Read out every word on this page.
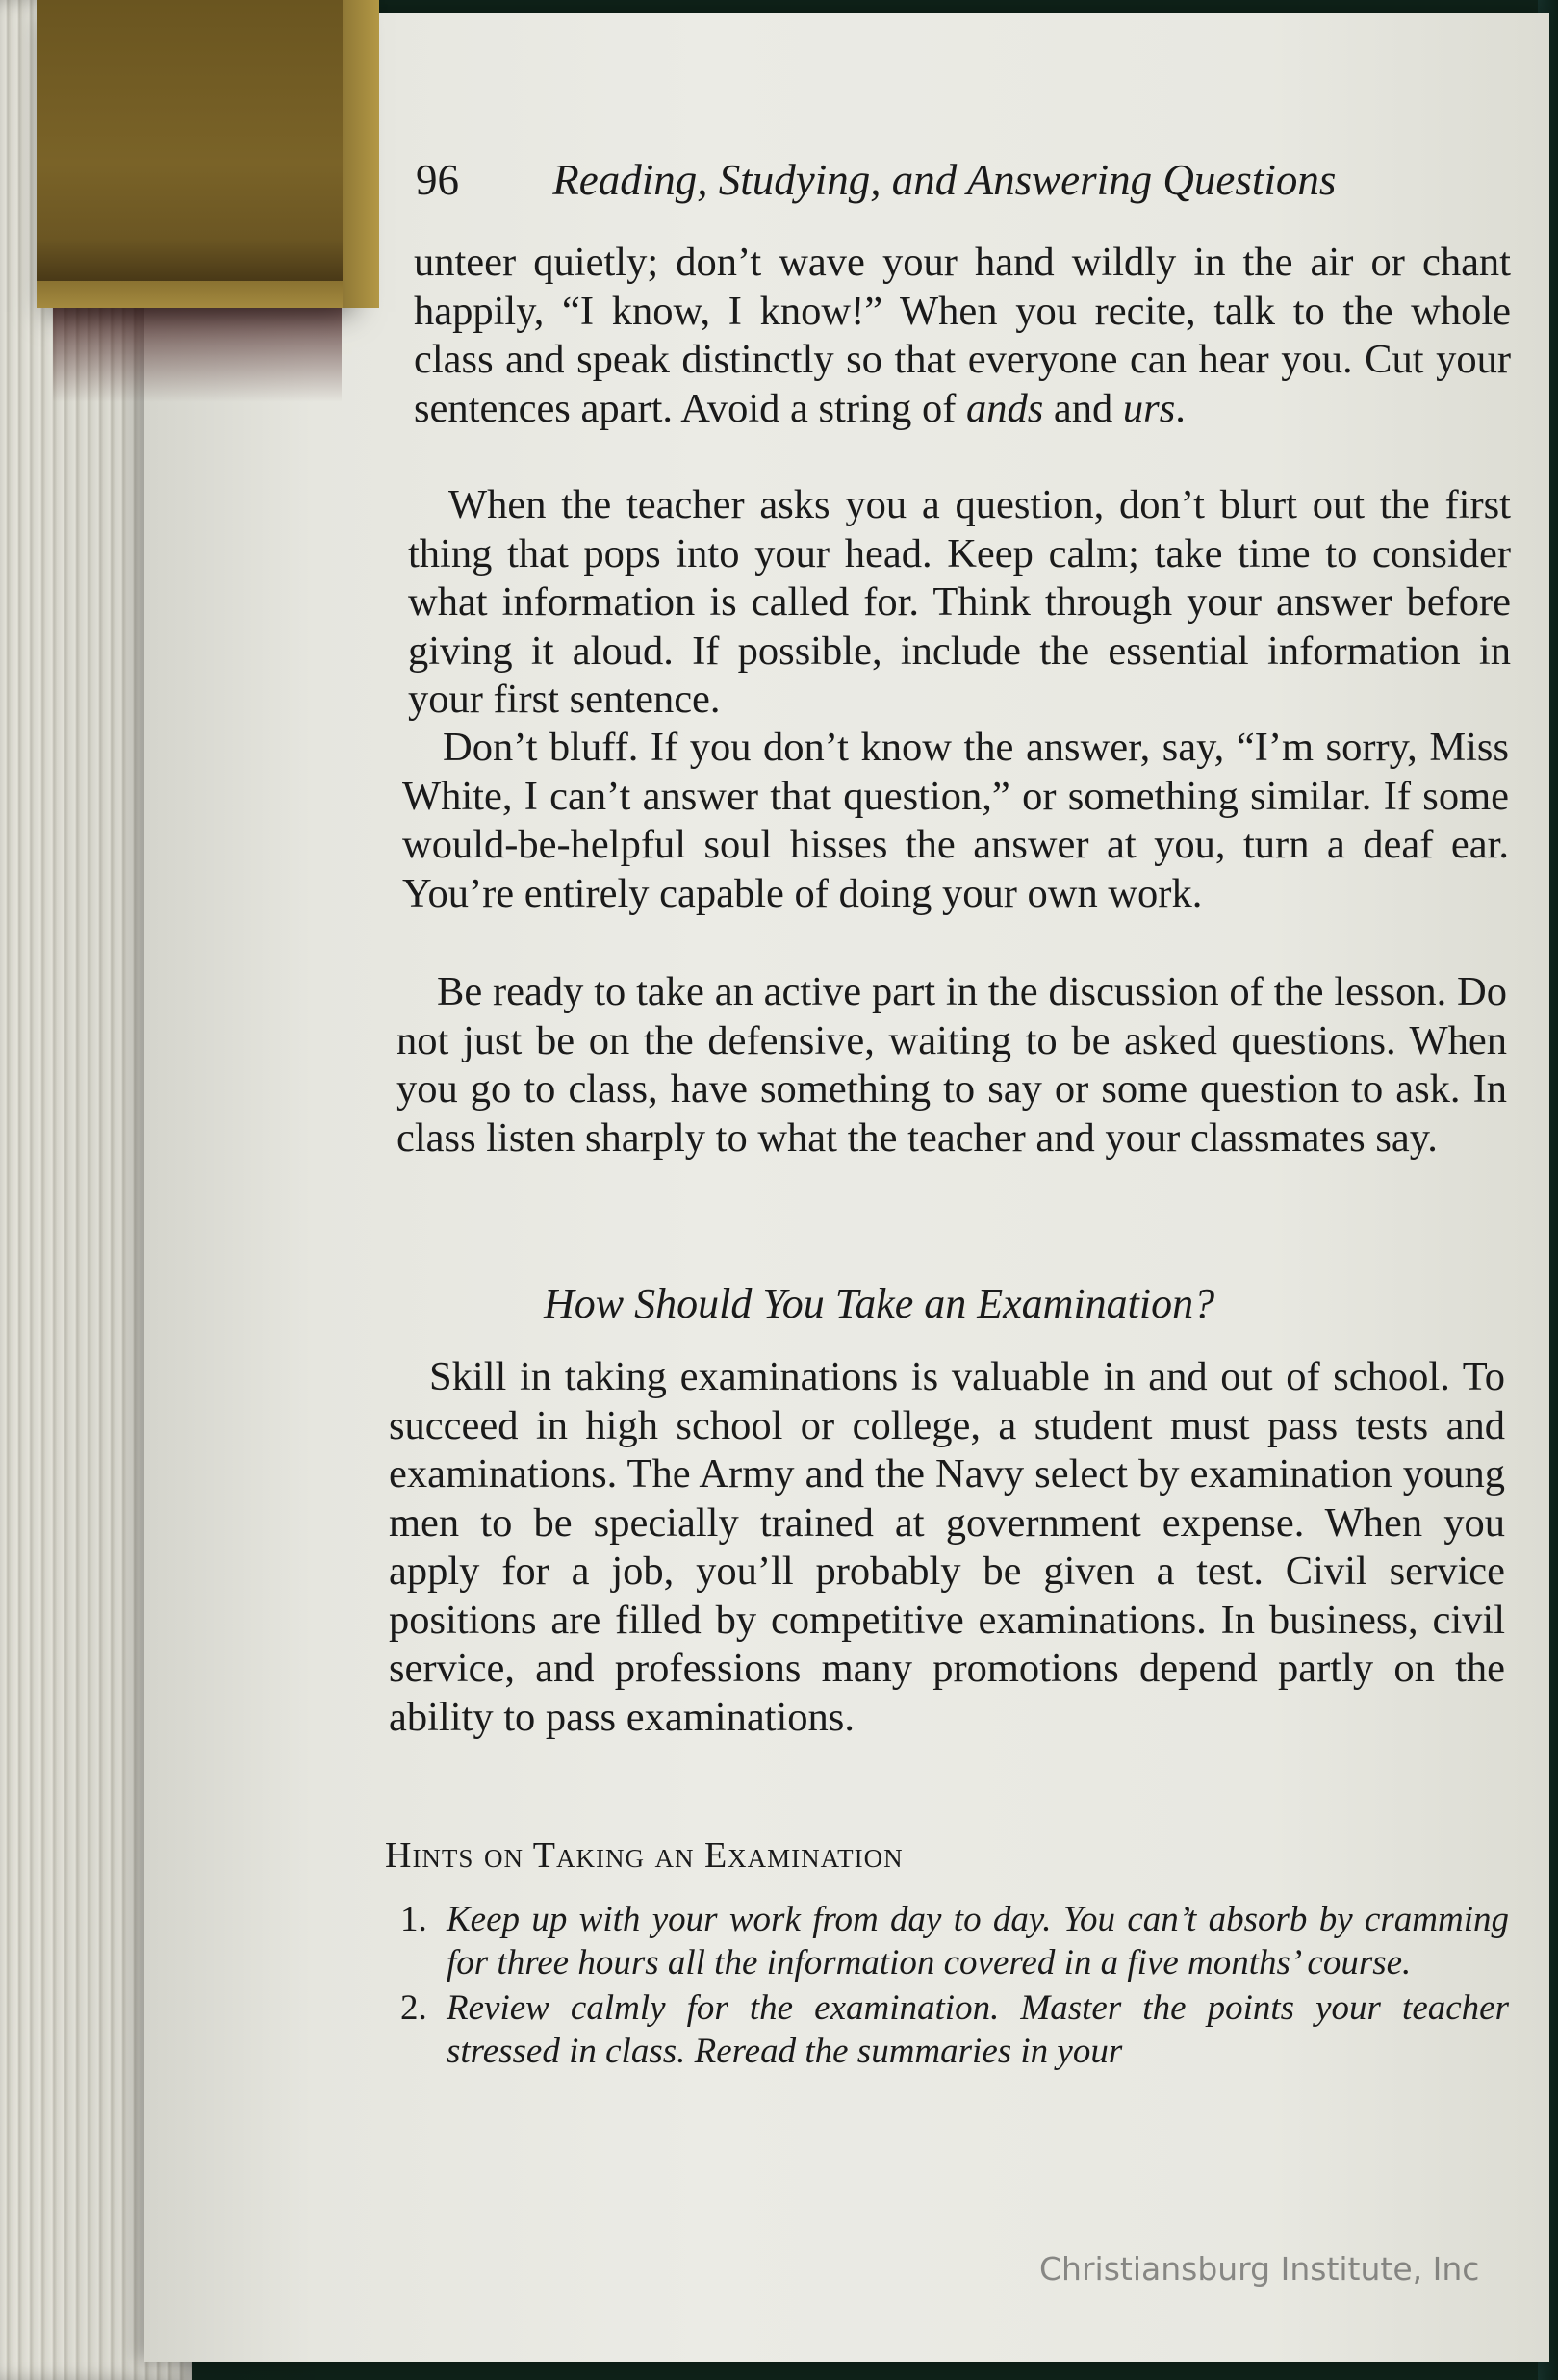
96 Reading, Studying, and Answering Questions

unteer quietly; don’t wave your hand wildly in the air or chant happily, “I know, I know!” When you recite, talk to the whole class and speak distinctly so that everyone can hear you. Cut your sentences apart. Avoid a string of ands and urs.

When the teacher asks you a question, don’t blurt out the first thing that pops into your head. Keep calm; take time to consider what information is called for. Think through your answer before giving it aloud. If possible, include the essential information in your first sentence.

Don’t bluff. If you don’t know the answer, say, “I’m sorry, Miss White, I can’t answer that question,” or something similar. If some would-be-helpful soul hisses the answer at you, turn a deaf ear. You’re entirely capable of doing your own work.

Be ready to take an active part in the discussion of the lesson. Do not just be on the defensive, waiting to be asked questions. When you go to class, have something to say or some question to ask. In class listen sharply to what the teacher and your classmates say.

How Should You Take an Examination?

Skill in taking examinations is valuable in and out of school. To succeed in high school or college, a student must pass tests and examinations. The Army and the Navy select by examination young men to be specially trained at government expense. When you apply for a job, you’ll probably be given a test. Civil service positions are filled by competitive examinations. In business, civil service, and professions many promotions depend partly on the ability to pass examinations.

Hints on Taking an Examination
1. Keep up with your work from day to day. You can’t absorb by cramming for three hours all the information covered in a five months’ course.
2. Review calmly for the examination. Master the points your teacher stressed in class. Reread the summaries in your
Christiansburg Institute, Inc
